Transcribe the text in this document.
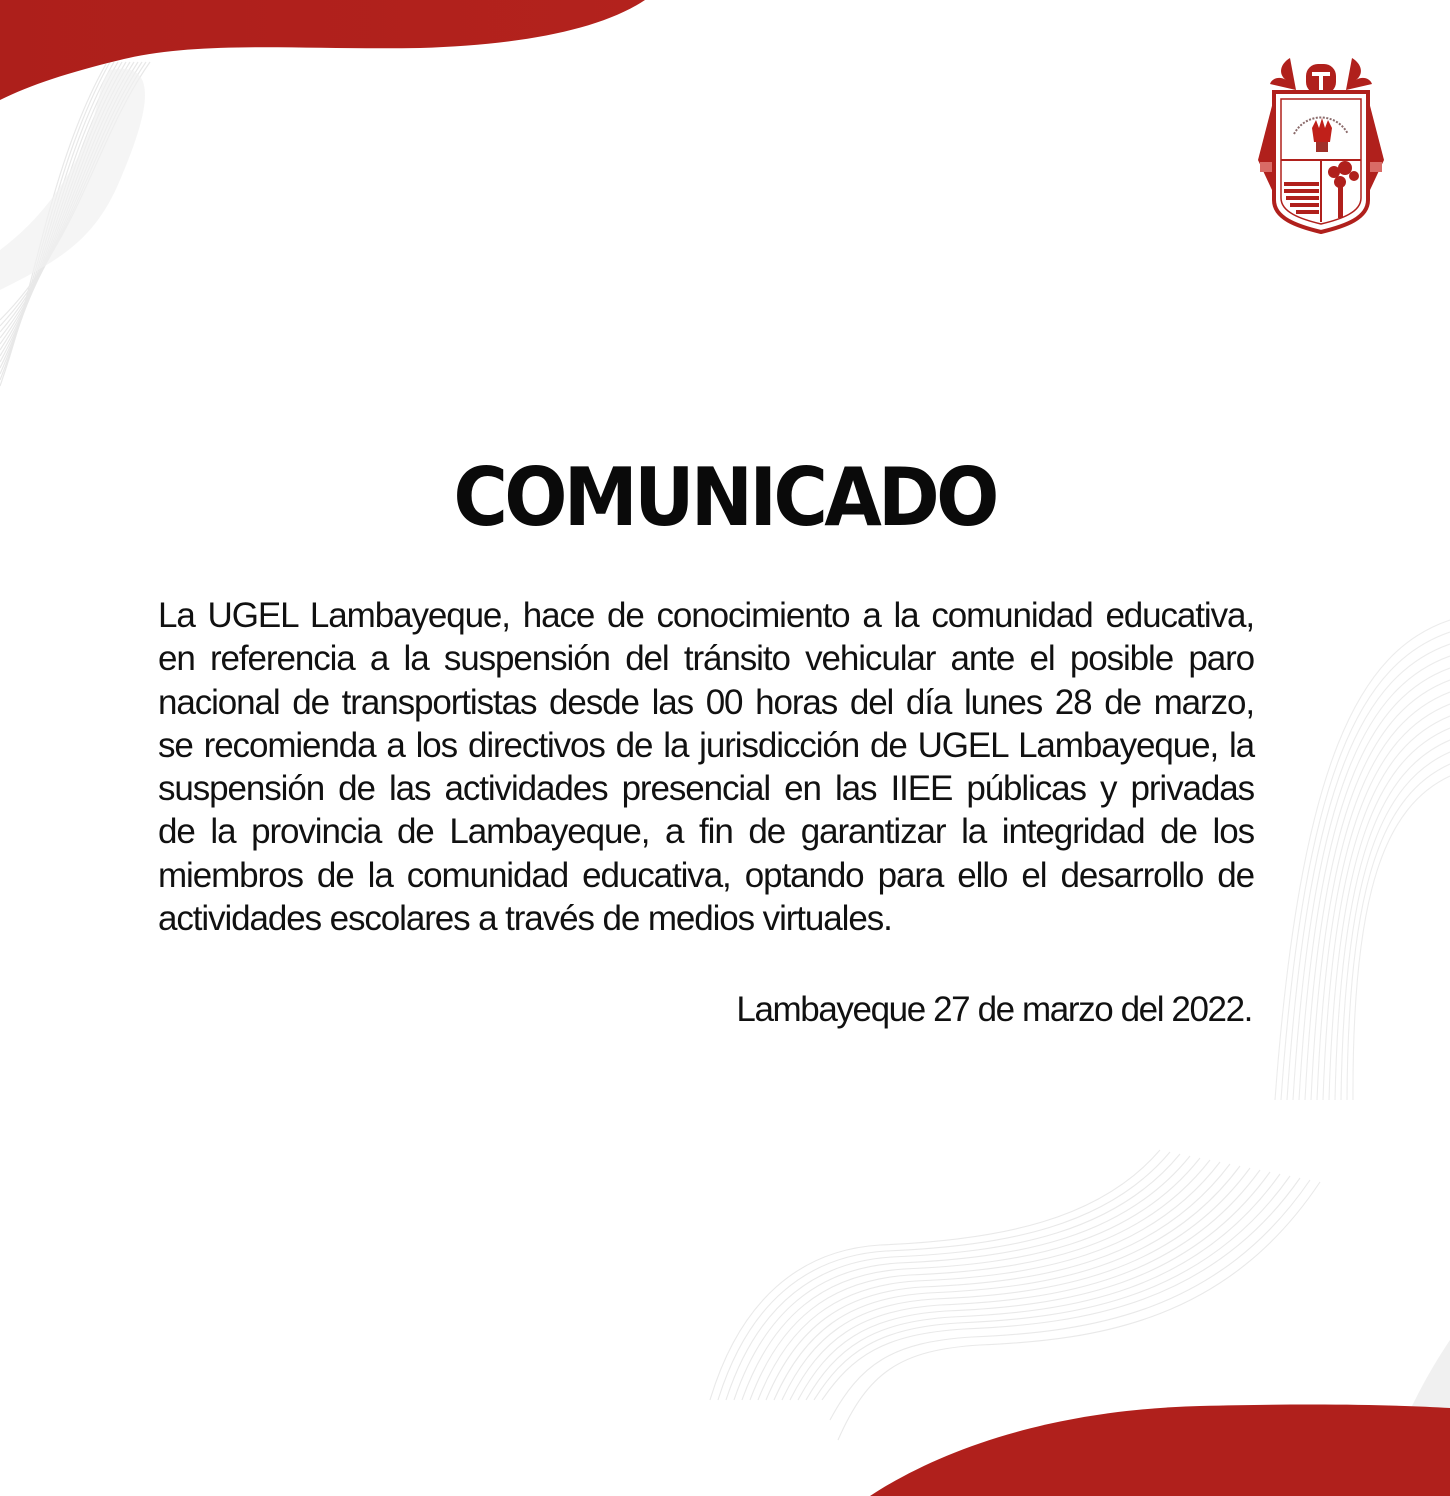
COMUNICADO
La UGEL Lambayeque, hace de conocimiento a la comunidad educativa,
en referencia a la suspensión del tránsito vehicular ante el posible paro
nacional de transportistas desde las 00 horas del día lunes 28 de marzo,
se recomienda a los directivos de la jurisdicción de UGEL Lambayeque, la
suspensión de las actividades presencial en las IIEE públicas y privadas
de la provincia de Lambayeque, a fin de garantizar la integridad de los
miembros de la comunidad educativa, optando para ello el desarrollo de
actividades escolares a través de medios virtuales.
Lambayeque 27 de marzo del 2022.
